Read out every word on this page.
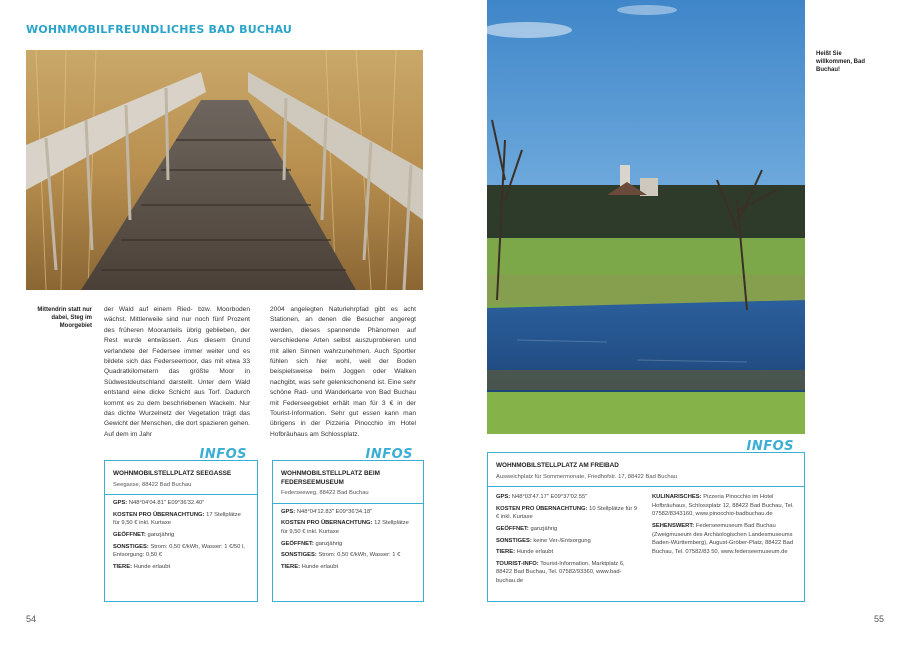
WOHNMOBILFREUNDLICHES BAD BUCHAU
Mittendrin statt nur dabei, Steg im Moorgebiet
der Wald auf einem Ried- bzw. Moorboden wächst. Mittlerweile sind nur noch fünf Prozent des früheren Mooranteils übrig geblieben, der Rest wurde entwässert. Aus diesem Grund verlandete der Federsee immer weiter und es bildete sich das Federseemoor, das mit etwa 33 Quadratkilometern das größte Moor in Südwestdeutschland darstellt. Unter dem Wald entstand eine dicke Schicht aus Torf. Dadurch kommt es zu dem beschriebenen Wackeln. Nur das dichte Wurzelnetz der Vegetation trägt das Gewicht der Menschen, die dort spazieren gehen. Auf dem im Jahr
2004 angelegten Naturlehrpfad gibt es acht Stationen, an denen die Besucher angeregt werden, dieses spannende Phänomen auf verschiedene Arten selbst auszuprobieren und mit allen Sinnen wahrzunehmen. Auch Sportler fühlen sich hier wohl, weil der Boden beispielsweise beim Joggen oder Walken nachgibt, was sehr gelenkschonend ist. Eine sehr schöne Rad- und Wanderkarte von Bad Buchau mit Federseegebiet erhält man für 3 € in der Tourist-Information. Sehr gut essen kann man übrigens in der Pizzeria Pinocchio im Hotel Hofbräuhaus am Schlossplatz.
INFOS
WOHNMOBILSTELLPLATZ SEEGASSE
Seegasse, 88422 Bad Buchau
GPS: N48°04'04.81" E09°36'32.40"
KOSTEN PRO ÜBERNACHTUNG: 17 Stellplätze für 9,50 € inkl. Kurtaxe
GEÖFFNET: ganzjährig
SONSTIGES: Strom: 0,50 €/kWh, Wasser: 1 €/50 l, Entsorgung: 0,50 €
TIERE: Hunde erlaubt
INFOS
WOHNMOBILSTELLPLATZ BEIM FEDERSEEMUSEUM
Federseeweg, 88422 Bad Buchau
GPS: N48°04'12.83" E09°36'34.18"
KOSTEN PRO ÜBERNACHTUNG: 12 Stellplätze für 9,50 € inkl. Kurtaxe
GEÖFFNET: ganzjährig
SONSTIGES: Strom: 0,50 €/kWh, Wasser: 1 €
TIERE: Hunde erlaubt
54
Heißt Sie willkommen, Bad Buchau!
INFOS
WOHNMOBILSTELLPLATZ AM FREIBAD
Ausweichplatz für Sommermonate, Friedhofstr. 17, 88422 Bad Buchau
GPS: N48°03'47.17" E09°37'02.55"
KOSTEN PRO ÜBERNACHTUNG: 10 Stellplätze für 9 € inkl. Kurtaxe
GEÖFFNET: ganzjährig
SONSTIGES: keine Ver-/Entsorgung
TIERE: Hunde erlaubt
TOURIST-INFO: Tourist-Information, Marktplatz 6, 88422 Bad Buchau, Tel. 07582/93360, www.bad-buchau.de
KULINARISCHES: Pizzeria Pinocchio im Hotel Hofbräuhaus, Schlossplatz 12, 88422 Bad Buchau, Tel. 07582/8343160, www.pinocchio-badbuchau.de
SEHENSWERT: Federseemuseum Bad Buchau (Zweigmuseum des Archäologischen Landesmuseums Baden-Württemberg), August-Gröber-Platz, 88422 Bad Buchau, Tel. 07582/83 50, www.federseemuseum.de
55
